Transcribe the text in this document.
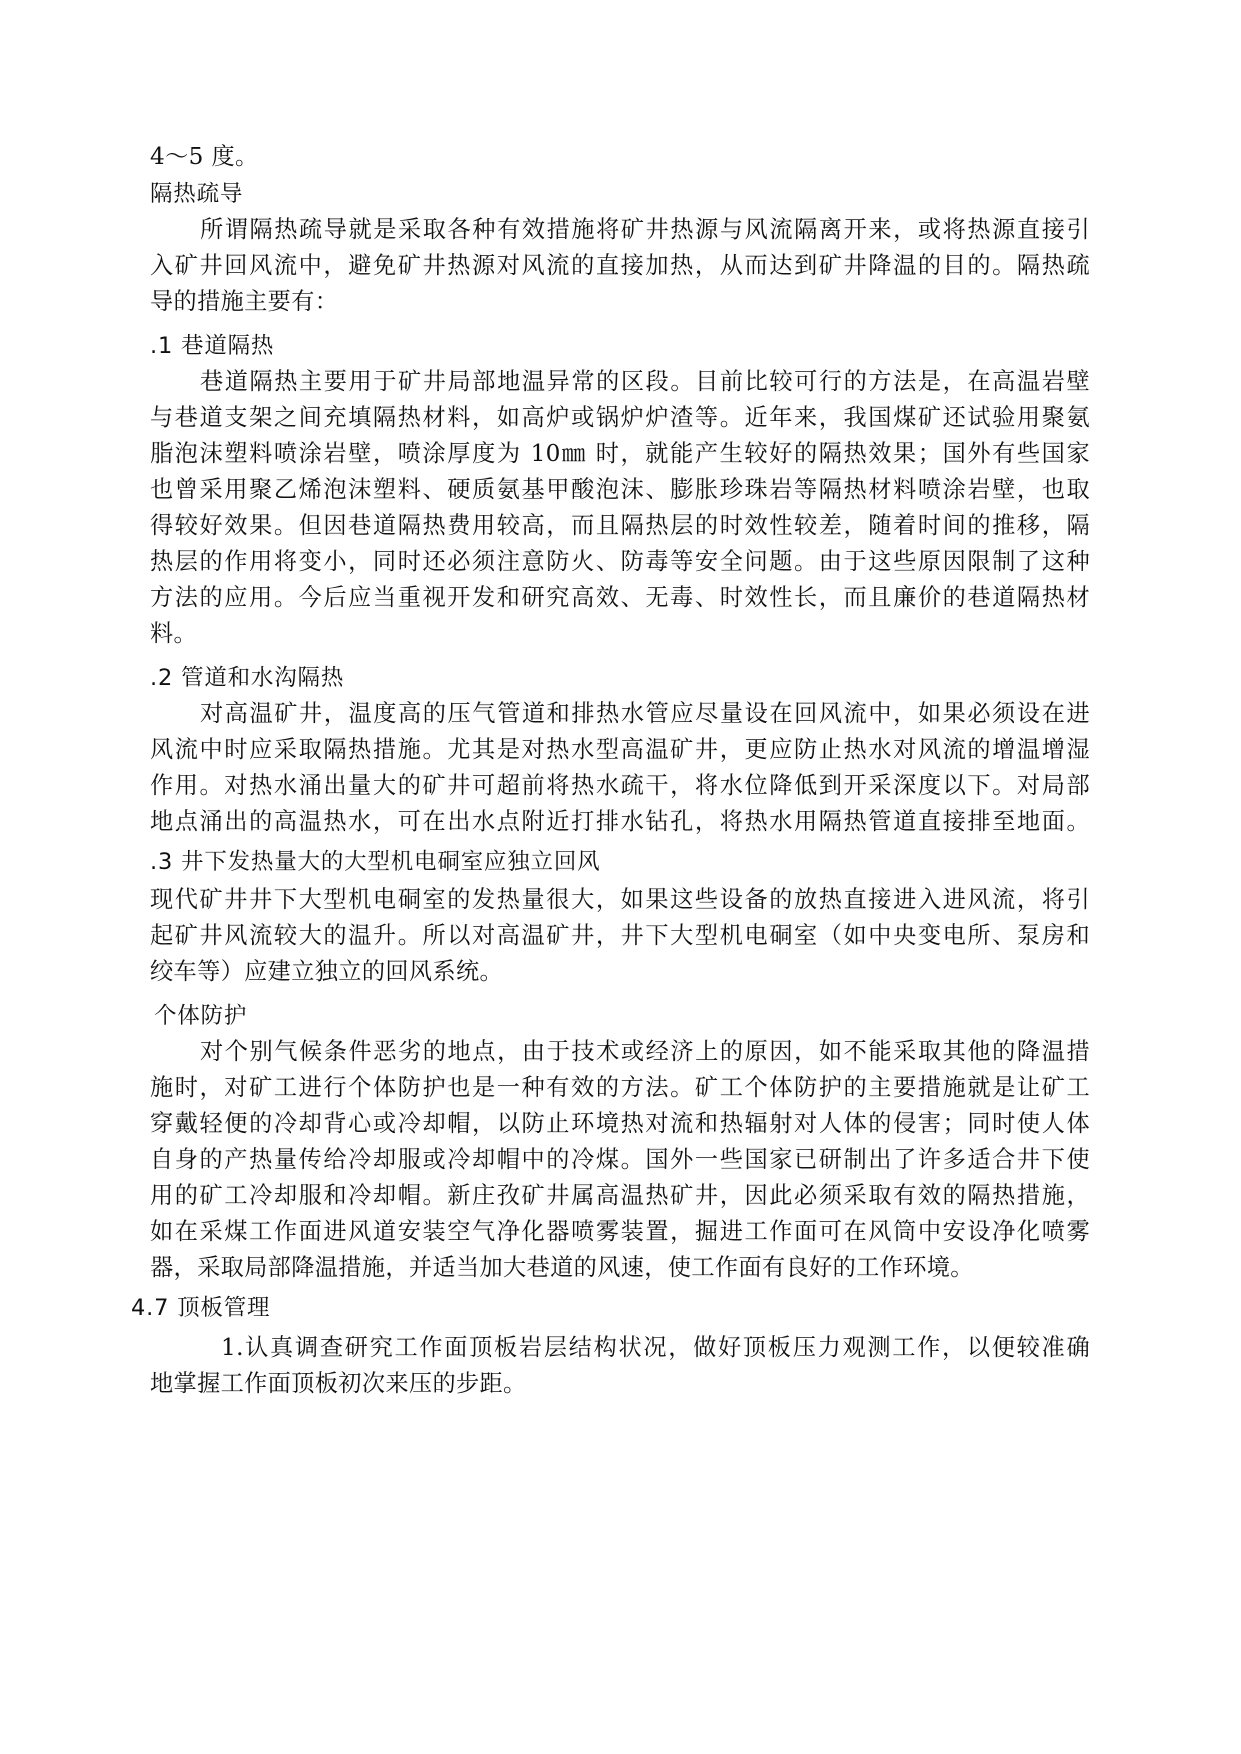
4～5 度。
隔热疏导
所谓隔热疏导就是采取各种有效措施将矿井热源与风流隔离开来，或将热源直接引
入矿井回风流中，避免矿井热源对风流的直接加热，从而达到矿井降温的目的。隔热疏
导的措施主要有：
.1 巷道隔热
巷道隔热主要用于矿井局部地温异常的区段。目前比较可行的方法是，在高温岩壁
与巷道支架之间充填隔热材料，如高炉或锅炉炉渣等。近年来，我国煤矿还试验用聚氨
脂泡沫塑料喷涂岩壁，喷涂厚度为 10㎜ 时，就能产生较好的隔热效果；国外有些国家
也曾采用聚乙烯泡沫塑料、硬质氨基甲酸泡沫、膨胀珍珠岩等隔热材料喷涂岩壁，也取
得较好效果。但因巷道隔热费用较高，而且隔热层的时效性较差，随着时间的推移，隔
热层的作用将变小，同时还必须注意防火、防毒等安全问题。由于这些原因限制了这种
方法的应用。今后应当重视开发和研究高效、无毒、时效性长，而且廉价的巷道隔热材
料。
.2 管道和水沟隔热
对高温矿井，温度高的压气管道和排热水管应尽量设在回风流中，如果必须设在进
风流中时应采取隔热措施。尤其是对热水型高温矿井，更应防止热水对风流的增温增湿
作用。对热水涌出量大的矿井可超前将热水疏干，将水位降低到开采深度以下。对局部
地点涌出的高温热水，可在出水点附近打排水钻孔，将热水用隔热管道直接排至地面。
.3 井下发热量大的大型机电硐室应独立回风
现代矿井井下大型机电硐室的发热量很大，如果这些设备的放热直接进入进风流，将引
起矿井风流较大的温升。所以对高温矿井，井下大型机电硐室（如中央变电所、泵房和
绞车等）应建立独立的回风系统。
个体防护
对个别气候条件恶劣的地点，由于技术或经济上的原因，如不能采取其他的降温措
施时，对矿工进行个体防护也是一种有效的方法。矿工个体防护的主要措施就是让矿工
穿戴轻便的冷却背心或冷却帽，以防止环境热对流和热辐射对人体的侵害；同时使人体
自身的产热量传给冷却服或冷却帽中的冷煤。国外一些国家已研制出了许多适合井下使
用的矿工冷却服和冷却帽。新庄孜矿井属高温热矿井，因此必须采取有效的隔热措施，
如在采煤工作面进风道安装空气净化器喷雾装置，掘进工作面可在风筒中安设净化喷雾
器，采取局部降温措施，并适当加大巷道的风速，使工作面有良好的工作环境。
4.7 顶板管理
1.认真调查研究工作面顶板岩层结构状况，做好顶板压力观测工作，以便较准确
地掌握工作面顶板初次来压的步距。
